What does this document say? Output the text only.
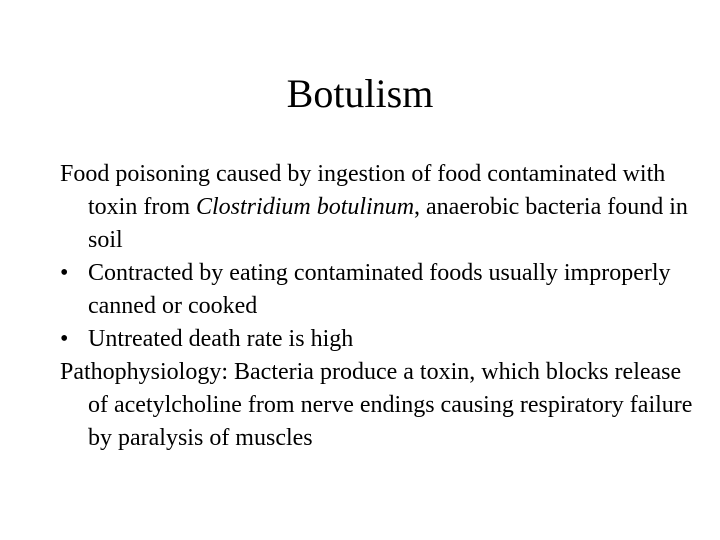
Botulism

Food poisoning caused by ingestion of food contaminated with toxin from Clostridium botulinum, anaerobic bacteria found in soil

• Contracted by eating contaminated foods usually improperly canned or cooked

• Untreated death rate is high

Pathophysiology: Bacteria produce a toxin, which blocks release of acetylcholine from nerve endings causing respiratory failure by paralysis of muscles
